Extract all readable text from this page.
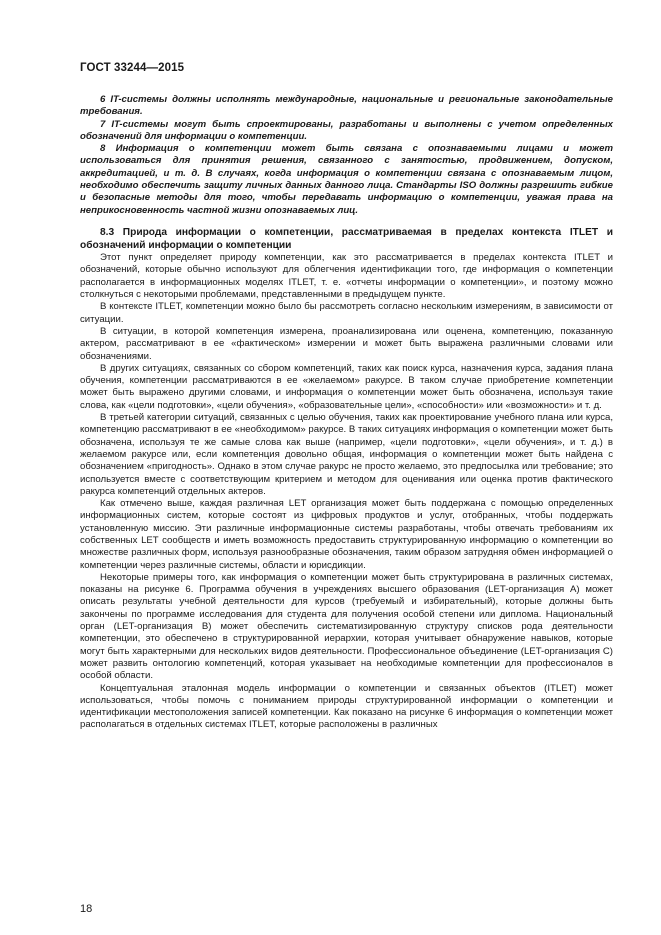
ГОСТ 33244—2015

6 IT-системы должны исполнять международные, национальные и региональные законодательные требования.

7 IT-системы могут быть спроектированы, разработаны и выполнены с учетом определенных обозначений для информации о компетенции.

8 Информация о компетенции может быть связана с опознаваемыми лицами и может использоваться для принятия решения, связанного с занятостью, продвижением, допуском, аккредитацией, и т. д. В случаях, когда информация о компетенции связана с опознаваемым лицом, необходимо обеспечить защиту личных данных данного лица. Стандарты ISO должны разрешить гибкие и безопасные методы для того, чтобы передавать информацию о компетенции, уважая права на неприкосновенность частной жизни опознаваемых лиц.

8.3 Природа информации о компетенции, рассматриваемая в пределах контекста ITLET и обозначений информации о компетенции

Этот пункт определяет природу компетенции, как это рассматривается в пределах контекста ITLET и обозначений, которые обычно используют для облегчения идентификации того, где информация о компетенции располагается в информационных моделях ITLET, т. е. «отчеты информации о компетенции», и поэтому можно столкнуться с некоторыми проблемами, представленными в предыдущем пункте.

В контексте ITLET, компетенции можно было бы рассмотреть согласно нескольким измерениям, в зависимости от ситуации.

В ситуации, в которой компетенция измерена, проанализирована или оценена, компетенцию, показанную актером, рассматривают в ее «фактическом» измерении и может быть выражена различными словами или обозначениями.

В других ситуациях, связанных со сбором компетенций, таких как поиск курса, назначения курса, задания плана обучения, компетенции рассматриваются в ее «желаемом» ракурсе. В таком случае приобретение компетенции может быть выражено другими словами, и информация о компетенции может быть обозначена, используя такие слова, как «цели подготовки», «цели обучения», «образовательные цели», «способности» или «возможности» и т. д.

В третьей категории ситуаций, связанных с целью обучения, таких как проектирование учебного плана или курса, компетенцию рассматривают в ее «необходимом» ракурсе. В таких ситуациях информация о компетенции может быть обозначена, используя те же самые слова как выше (например, «цели подготовки», «цели обучения», и т. д.) в желаемом ракурсе или, если компетенция довольно общая, информация о компетенции может быть найдена с обозначением «пригодность». Однако в этом случае ракурс не просто желаемо, это предпосылка или требование; это используется вместе с соответствующим критерием и методом для оценивания или оценка против фактического ракурса компетенций отдельных актеров.

Как отмечено выше, каждая различная LET организация может быть поддержана с помощью определенных информационных систем, которые состоят из цифровых продуктов и услуг, отобранных, чтобы поддержать установленную миссию. Эти различные информационные системы разработаны, чтобы отвечать требованиям их собственных LET сообществ и иметь возможность предоставить структурированную информацию о компетенции во множестве различных форм, используя разнообразные обозначения, таким образом затрудняя обмен информацией о компетенции через различные системы, области и юрисдикции.

Некоторые примеры того, как информация о компетенции может быть структурирована в различных системах, показаны на рисунке 6. Программа обучения в учреждениях высшего образования (LET-организация A) может описать результаты учебной деятельности для курсов (требуемый и избирательный), которые должны быть закончены по программе исследования для студента для получения особой степени или диплома. Национальный орган (LET-организация B) может обеспечить систематизированную структуру списков рода деятельности компетенции, это обеспечено в структурированной иерархии, которая учитывает обнаружение навыков, которые могут быть характерными для нескольких видов деятельности. Профессиональное объединение (LET-организация C) может развить онтологию компетенций, которая указывает на необходимые компетенции для профессионалов в особой области.

Концептуальная эталонная модель информации о компетенции и связанных объектов (ITLET) может использоваться, чтобы помочь с пониманием природы структурированной информации о компетенции и идентификации местоположения записей компетенции. Как показано на рисунке 6 информация о компетенции может располагаться в отдельных системах ITLET, которые расположены в различных

18
